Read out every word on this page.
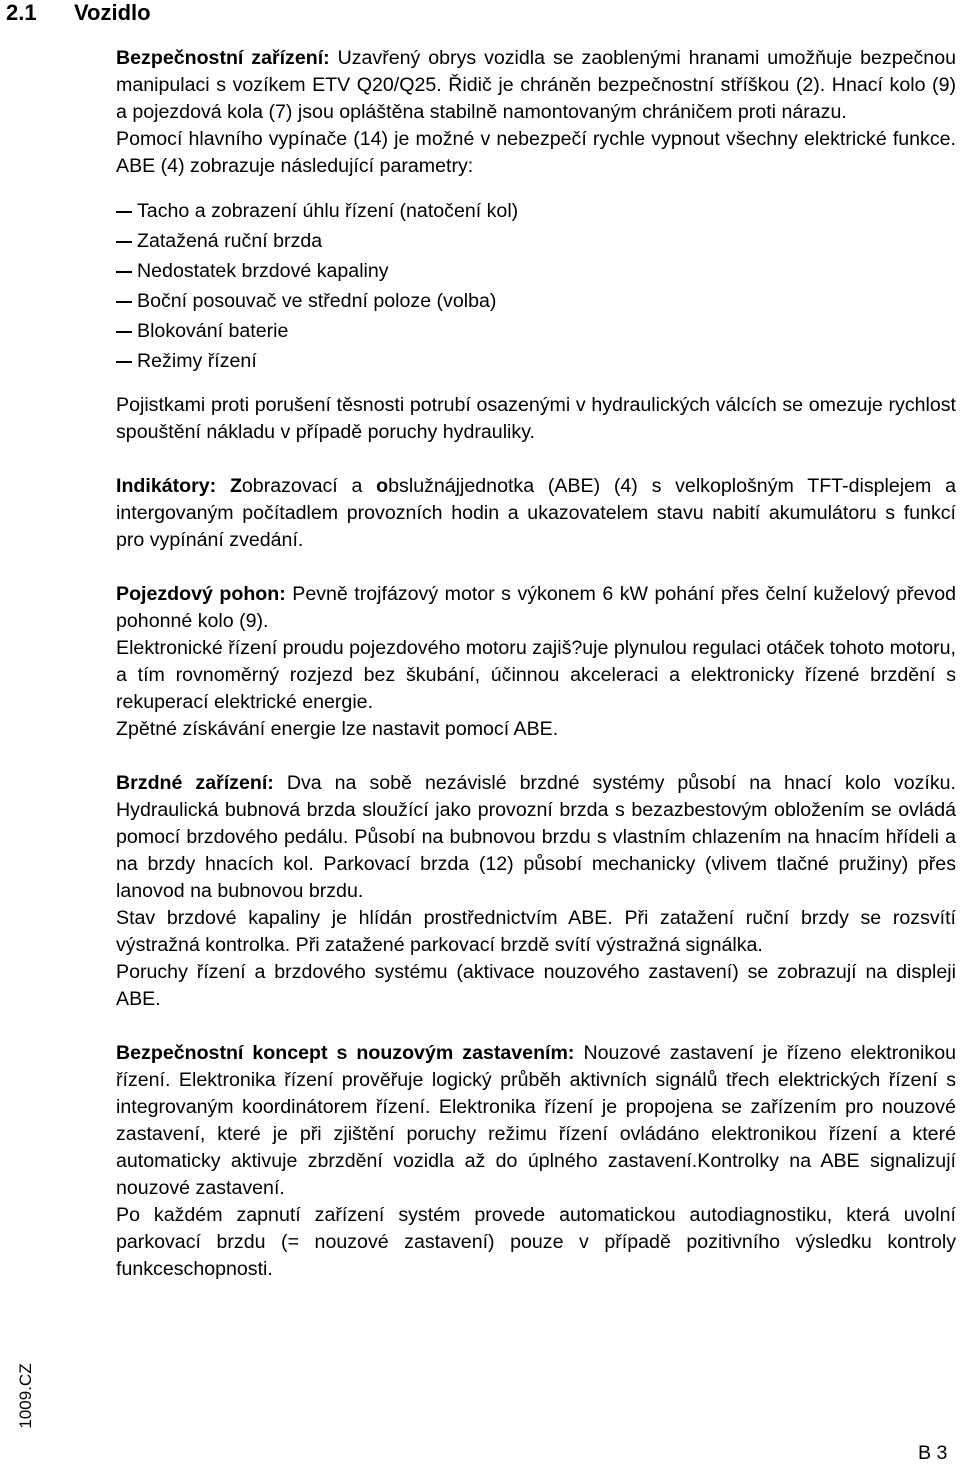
2.1 Vozidlo

Bezpečnostní zařízení: Uzavřený obrys vozidla se zaoblenými hranami umožňuje bezpečnou manipulaci s vozíkem ETV Q20/Q25. Řidič je chráněn bezpečnostní stříškou (2). Hnací kolo (9) a pojezdová kola (7) jsou opláštěna stabilně namontovaným chráničem proti nárazu.

Pomocí hlavního vypínače (14) je možné v nebezpečí rychle vypnout všechny elektrické funkce. ABE (4) zobrazuje následující parametry:

Tacho a zobrazení úhlu řízení (natočení kol)
Zatažená ruční brzda
Nedostatek brzdové kapaliny
Boční posouvač ve střední poloze (volba)
Blokování baterie
Režimy řízení

Pojistkami proti porušení těsnosti potrubí osazenými v hydraulických válcích se omezuje rychlost spouštění nákladu v případě poruchy hydrauliky.

Indikátory: Zobrazovací a obslužnájjednotka (ABE) (4) s velkoplošným TFT-displejem a intergovaným počítadlem provozních hodin a ukazovatelem stavu nabití akumulátoru s funkcí pro vypínání zvedání.

Pojezdový pohon: Pevně trojfázový motor s výkonem 6 kW pohání přes čelní kuželový převod pohonné kolo (9).

Elektronické řízení proudu pojezdového motoru zajiš?uje plynulou regulaci otáček tohoto motoru, a tím rovnoměrný rozjezd bez škubání, účinnou akceleraci a elektronicky řízené brzdění s rekuperací elektrické energie.

Zpětné získávání energie lze nastavit pomocí ABE.

Brzdné zařízení: Dva na sobě nezávislé brzdné systémy působí na hnací kolo vozíku. Hydraulická bubnová brzda sloužící jako provozní brzda s bezazbestovým obložením se ovládá pomocí brzdového pedálu. Působí na bubnovou brzdu s vlastním chlazením na hnacím hřídeli a na brzdy hnacích kol. Parkovací brzda (12) působí mechanicky (vlivem tlačné pružiny) přes lanovod na bubnovou brzdu.

Stav brzdové kapaliny je hlídán prostřednictvím ABE. Při zatažení ruční brzdy se rozsvítí výstražná kontrolka. Při zatažené parkovací brzdě svítí výstražná signálka.

Poruchy řízení a brzdového systému (aktivace nouzového zastavení) se zobrazují na displeji ABE.

Bezpečnostní koncept s nouzovým zastavením: Nouzové zastavení je řízeno elektronikou řízení. Elektronika řízení prověřuje logický průběh aktivních signálů třech elektrických řízení s integrovaným koordinátorem řízení. Elektronika řízení je propojena se zařízením pro nouzové zastavení, které je při zjištění poruchy režimu řízení ovládáno elektronikou řízení a které automaticky aktivuje zbrzdění vozidla až do úplného zastavení.Kontrolky na ABE signalizují nouzové zastavení.

Po každém zapnutí zařízení systém provede automatickou autodiagnostiku, která uvolní parkovací brzdu (= nouzové zastavení) pouze v případě pozitivního výsledku kontroly funkceschopnosti.

1009.CZ
B 3
